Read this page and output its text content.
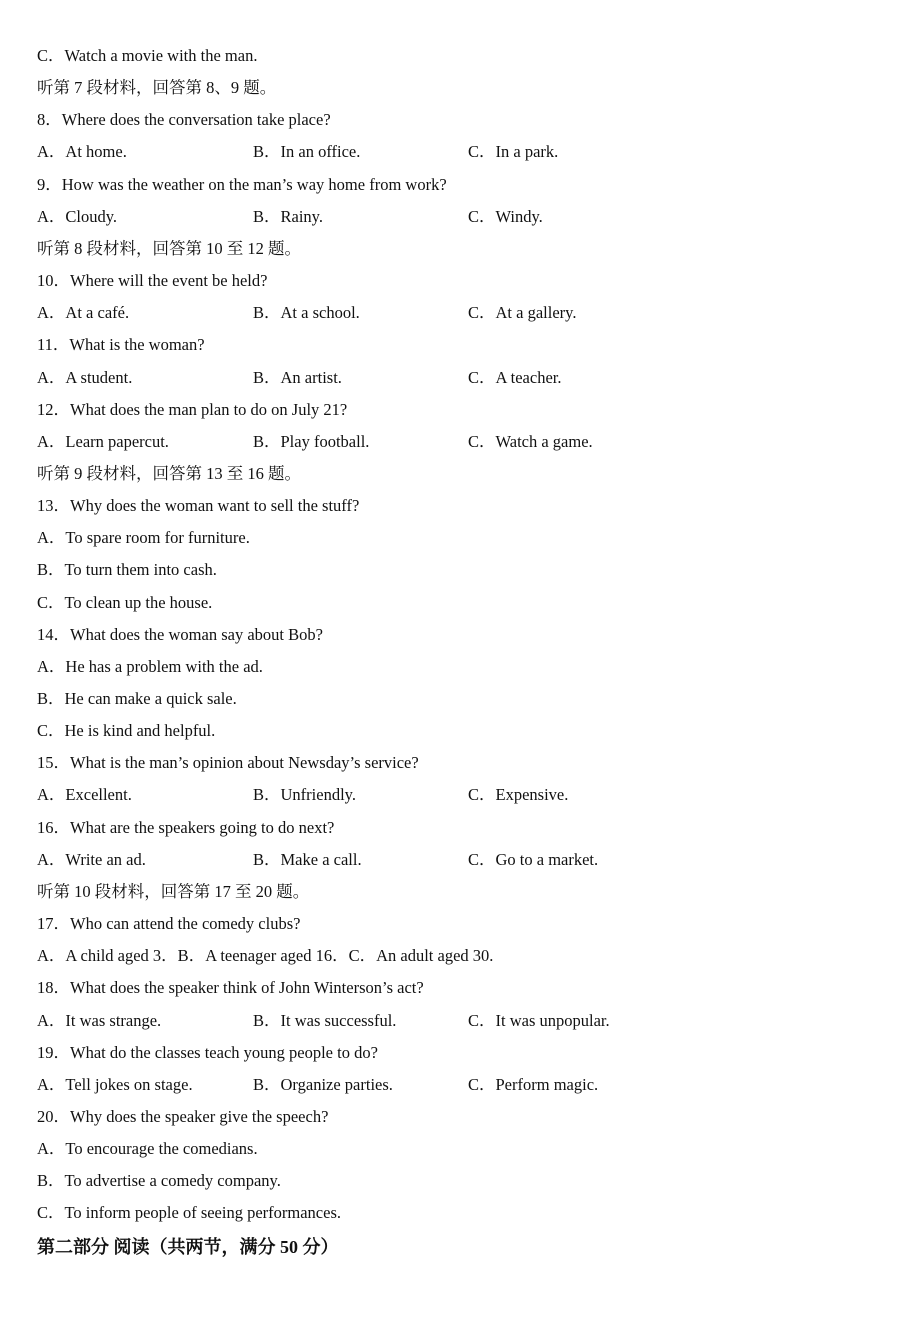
C．Watch a movie with the man.
听第 7 段材料，回答第 8、9 题。
8．Where does the conversation take place?
A．At home.	B．In an office.	C．In a park.
9．How was the weather on the man’s way home from work?
A．Cloudy.	B．Rainy.	C．Windy.
听第 8 段材料，回答第 10 至 12 题。
10．Where will the event be held?
A．At a café.	B．At a school.	C．At a gallery.
11．What is the woman?
A．A student.	B．An artist.	C．A teacher.
12．What does the man plan to do on July 21?
A．Learn papercut.	B．Play football.	C．Watch a game.
听第 9 段材料，回答第 13 至 16 题。
13．Why does the woman want to sell the stuff?
A．To spare room for furniture.
B．To turn them into cash.
C．To clean up the house.
14．What does the woman say about Bob?
A．He has a problem with the ad.
B．He can make a quick sale.
C．He is kind and helpful.
15．What is the man’s opinion about Newsday’s service?
A．Excellent.	B．Unfriendly.	C．Expensive.
16．What are the speakers going to do next?
A．Write an ad.	B．Make a call.	C．Go to a market.
听第 10 段材料，回答第 17 至 20 题。
17．Who can attend the comedy clubs?
A．A child aged 3．B．A teenager aged 16．C．An adult aged 30.
18．What does the speaker think of John Winterson’s act?
A．It was strange.	B．It was successful.	C．It was unpopular.
19．What do the classes teach young people to do?
A．Tell jokes on stage.	B．Organize parties.	C．Perform magic.
20．Why does the speaker give the speech?
A．To encourage the comedians.
B．To advertise a comedy company.
C．To inform people of seeing performances.
第二部分 阅读（共两节，满分 50 分）
